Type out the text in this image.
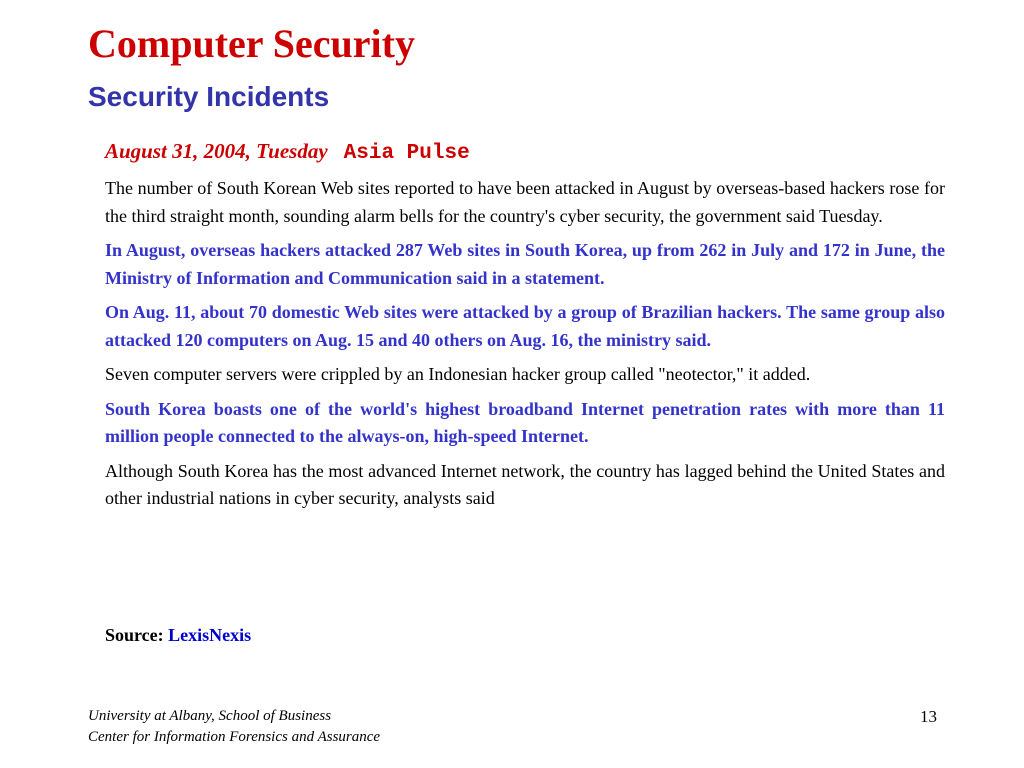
Computer Security
Security Incidents
August 31, 2004, Tuesday Asia Pulse

The number of South Korean Web sites reported to have been attacked in August by overseas-based hackers rose for the third straight month, sounding alarm bells for the country's cyber security, the government said Tuesday.

In August, overseas hackers attacked 287 Web sites in South Korea, up from 262 in July and 172 in June, the Ministry of Information and Communication said in a statement.

On Aug. 11, about 70 domestic Web sites were attacked by a group of Brazilian hackers. The same group also attacked 120 computers on Aug. 15 and 40 others on Aug. 16, the ministry said.

Seven computer servers were crippled by an Indonesian hacker group called "neotector," it added.

South Korea boasts one of the world's highest broadband Internet penetration rates with more than 11 million people connected to the always-on, high-speed Internet.

Although South Korea has the most advanced Internet network, the country has lagged behind the United States and other industrial nations in cyber security, analysts said

Source: LexisNexis
University at Albany, School of Business
Center for Information Forensics and Assurance
13
